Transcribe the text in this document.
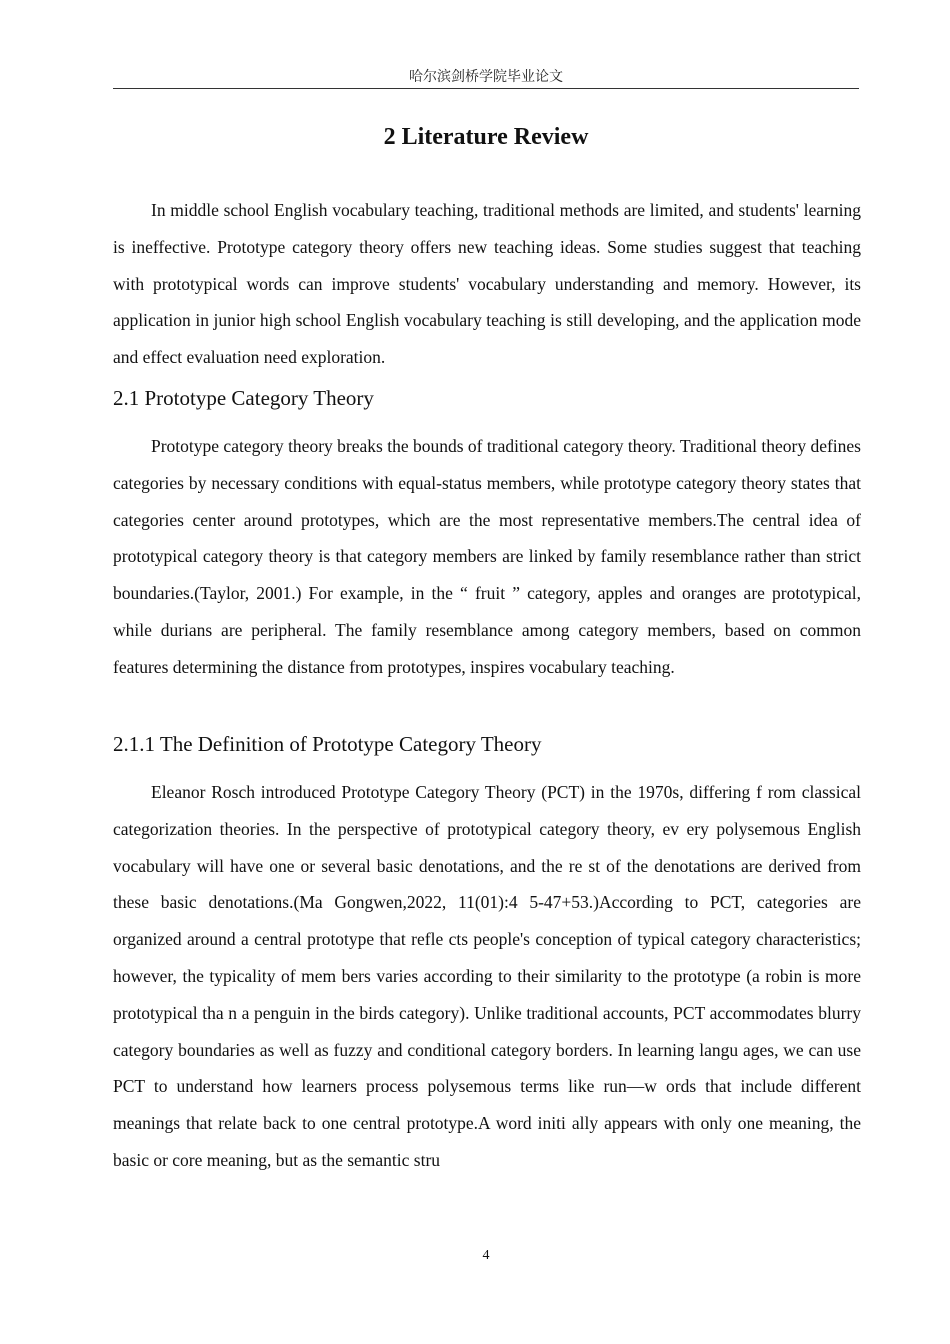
哈尔滨剑桥学院毕业论文
2 Literature Review

In middle school English vocabulary teaching, traditional methods are limited, and students' learning is ineffective. Prototype category theory offers new teaching ideas. Some studies suggest that teaching with prototypical words can improve students' vocabulary understanding and memory. However, its application in junior high school English vocabulary teaching is still developing, and the application mode and effect evaluation need exploration.

2.1 Prototype Category Theory

Prototype category theory breaks the bounds of traditional category theory. Traditional theory defines categories by necessary conditions with equal-status members, while prototype category theory states that categories center around prototypes, which are the most representative members.The central idea of prototypical category theory is that category members are linked by family resemblance rather than strict boundaries.(Taylor, 2001.) For example, in the “ fruit ” category, apples and oranges are prototypical, while durians are peripheral. The family resemblance among category members, based on common features determining the distance from prototypes, inspires vocabulary teaching.

2.1.1 The Definition of Prototype Category Theory

Eleanor Rosch introduced Prototype Category Theory (PCT) in the 1970s, differing f rom classical categorization theories. In the perspective of prototypical category theory, ev ery polysemous English vocabulary will have one or several basic denotations, and the re st of the denotations are derived from these basic denotations.(Ma Gongwen,2022, 11(01):4 5-47+53.)According to PCT, categories are organized around a central prototype that refle cts people's conception of typical category characteristics; however, the typicality of mem bers varies according to their similarity to the prototype (a robin is more prototypical tha n a penguin in the birds category). Unlike traditional accounts, PCT accommodates blurry category boundaries as well as fuzzy and conditional category borders. In learning langu ages, we can use PCT to understand how learners process polysemous terms like run—w ords that include different meanings that relate back to one central prototype.A word initi ally appears with only one meaning, the basic or core meaning, but as the semantic stru

4
